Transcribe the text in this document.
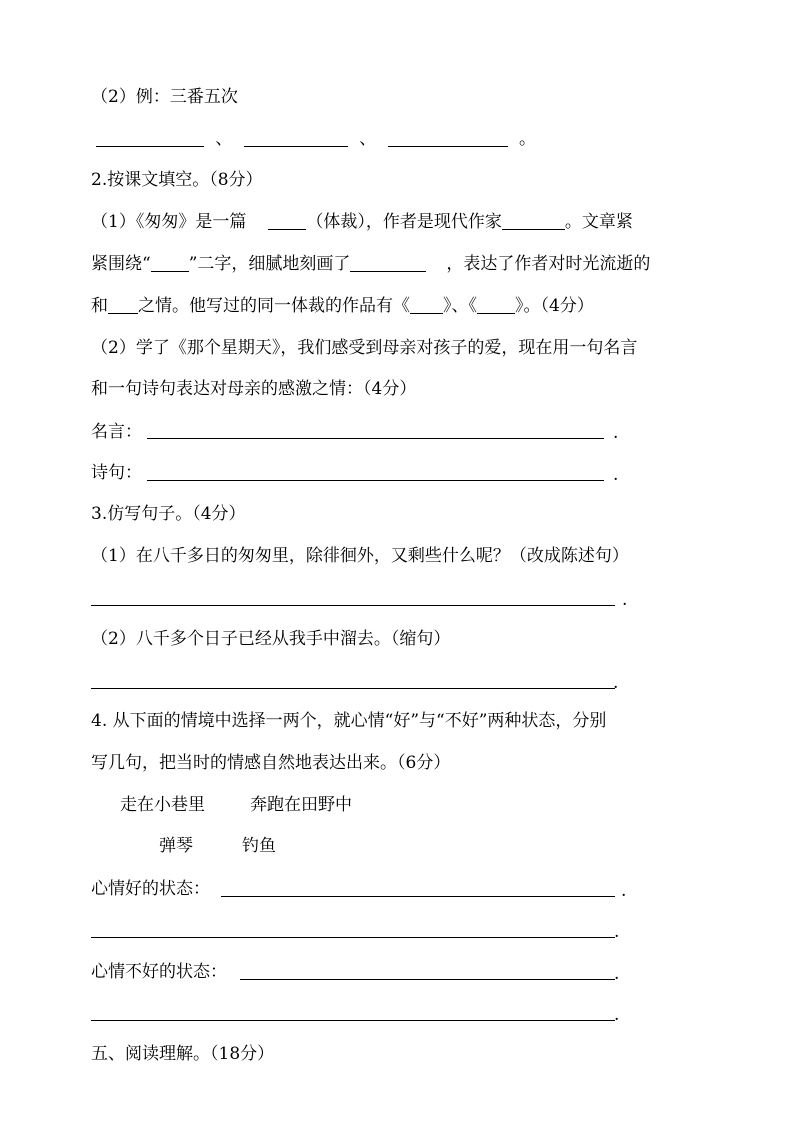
（2）例：三番五次
、	、	。
2.按课文填空。（8分）
（1）《匆匆》是一篇	（体裁），作者是现代作家	。文章紧
紧围绕“ ”二字，细腻地刻画了	，表达了作者对时光流逝的
和 之情。他写过的同一体裁的作品有《 》、《 》。（4分）
（2）学了《那个星期天》，我们感受到母亲对孩子的爱，现在用一句名言
和一句诗句表达对母亲的感激之情：（4分）
名言：	.
诗句：	.
3.仿写句子。（4分）
（1）在八千多日的匆匆里，除徘徊外，又剩些什么呢？（改成陈述句）
.
（2）八千多个日子已经从我手中溜去。（缩句）
.
4. 从下面的情境中选择一两个，就心情“好”与“不好”两种状态，分别
写几句，把当时的情感自然地表达出来。（6分）
走在小巷里	奔跑在田野中
弹琴	钓鱼
心情好的状态：	.
.
心情不好的状态：	.
.
五、阅读理解。（18分）
